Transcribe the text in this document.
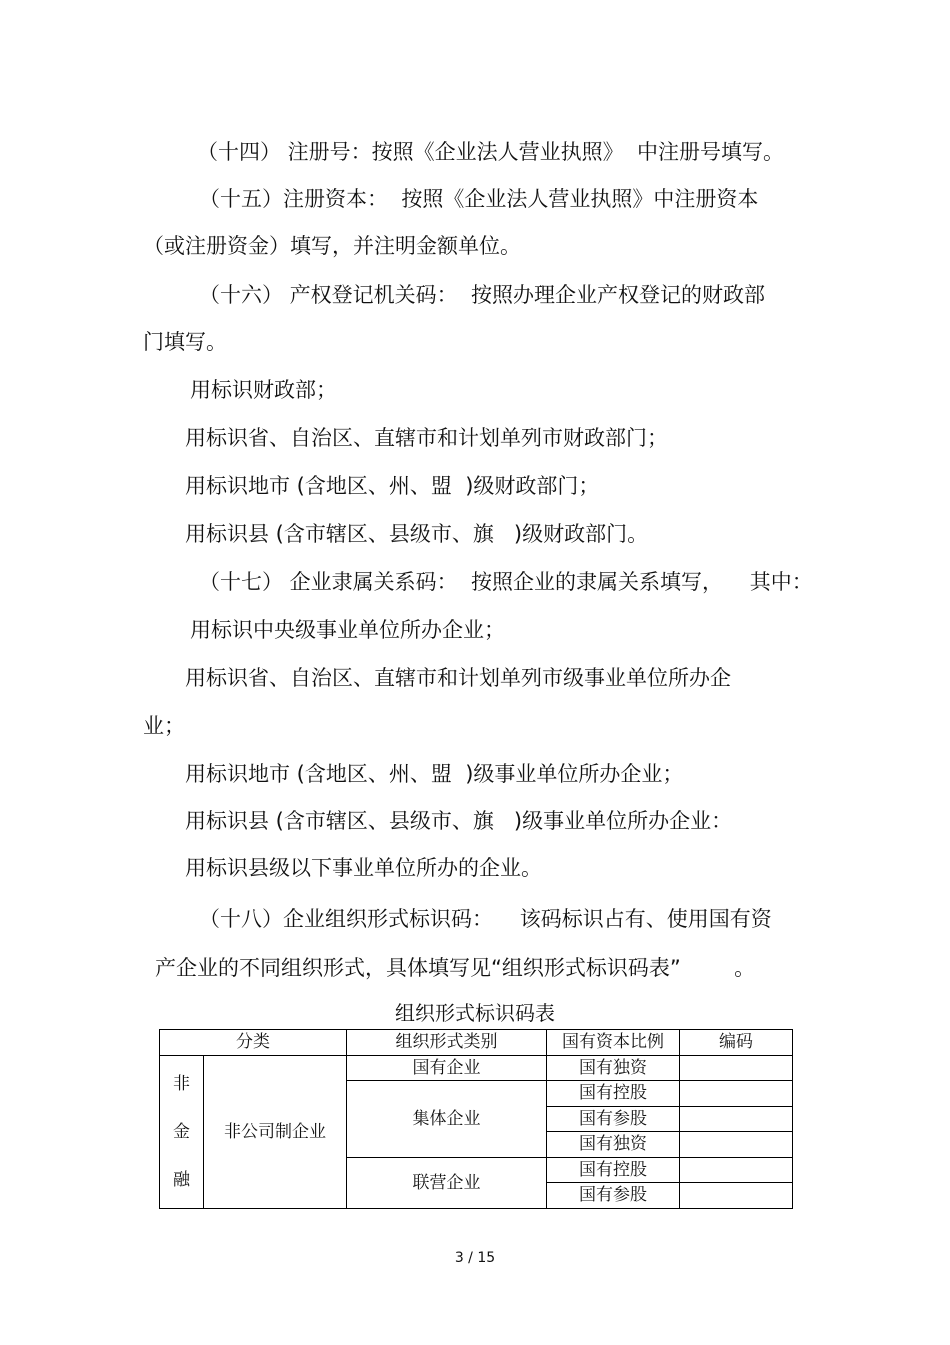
（十四） 注册号：按照《企业法人营业执照》  中注册号填写。
（十五）注册资本：  按照《企业法人营业执照》中注册资本
（或注册资金）填写，并注明金额单位。
（十六） 产权登记机关码：  按照办理企业产权登记的财政部
门填写。
用标识财政部；
用标识省、自治区、直辖市和计划单列市财政部门；
用标识地市 (含地区、州、盟  )级财政部门；
用标识县 (含市辖区、县级市、旗   )级财政部门。
（十七） 企业隶属关系码：  按照企业的隶属关系填写，    其中：
用标识中央级事业单位所办企业；
用标识省、自治区、直辖市和计划单列市级事业单位所办企
业；
用标识地市 (含地区、州、盟  )级事业单位所办企业；
用标识县 (含市辖区、县级市、旗   )级事业单位所办企业：
用标识县级以下事业单位所办的企业。
（十八）企业组织形式标识码：    该码标识占有、使用国有资
产企业的不同组织形式，具体填写见“组织形式标识码表”        。
组织形式标识码表
分类		组织形式类别	国有资本比例	编码

非
金
融	非公司制企业	国有企业	国有独资	
		集体企业	国有控股	
			国有参股	
			国有独资	
		联营企业	国有控股	
			国有参股	
3 / 15
